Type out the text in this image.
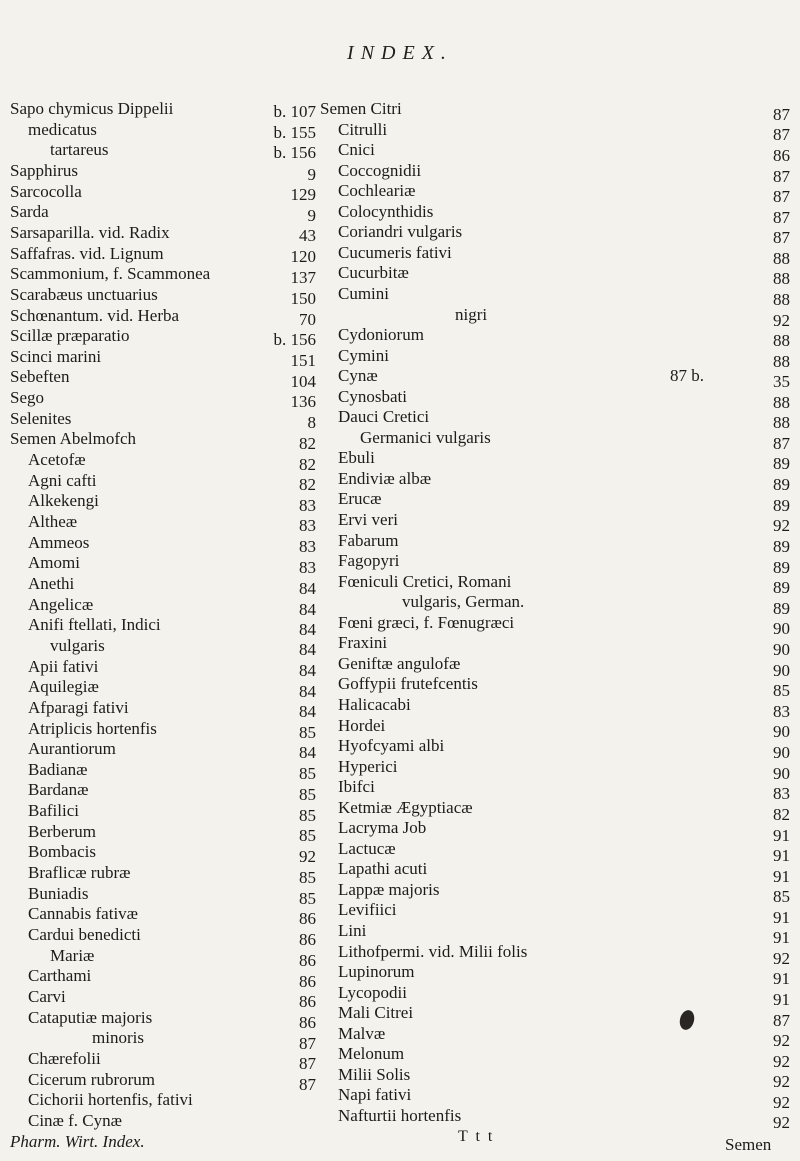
INDEX.
Sapo chymicus Dippelii
medicatus
tartareus
Sapphirus
Sarcocolla
Sarda
Sarsaparilla. vid. Radix
Saffafras. vid. Lignum
Scammonium, f. Scammonea
Scarabæus unctuarius
Schœnantum. vid. Herba
Scillæ præparatio
Scinci marini
Sebeften
Sego
Selenites
Semen Abelmofch
Acetofæ
Agni cafti
Alkekengi
Altheæ
Ammeos
Amomi
Anethi
Angelicæ
Anifi ftellati, Indici
vulgaris
Apii fativi
Aquilegiæ
Afparagi fativi
Atriplicis hortenfis
Aurantiorum
Badianæ
Bardanæ
Bafilici
Berberum
Bombacis
Braflicæ rubræ
Buniadis
Cannabis fativæ
Cardui benedicti
Mariæ
Carthami
Carvi
Cataputiæ majoris
minoris
Chærefolii
Cicerum rubrorum
Cichorii hortenfis, fativi
Cinæ f. Cynæ
Pharm. Wirt. Index.
b. 107
b. 155
b. 156
9
129
9
43
120
137
150
70
b. 156
151
104
136
8
82
82
82
83
83
83
83
84
84
84
84
84
84
84
85
84
85
85
85
85
92
85
85
86
86
86
86
86
86
87
87
87
Semen Citri
Citrulli
Cnici
Coccognidii
Cochleariæ
Colocynthidis
Coriandri vulgaris
Cucumeris fativi
Cucurbitæ
Cumini
nigri
Cydoniorum
Cymini
Cynæ
Cynosbati
Dauci Cretici
Germanici vulgaris
Ebuli
Endiviæ albæ
Erucæ
Ervi veri
Fabarum
Fagopyri
Fœniculi Cretici, Romani
vulgaris, German.
Fœni græci, f. Fœnugræci
Fraxini
Geniftæ angulofæ
Goffypii frutefcentis
Halicacabi
Hordei
Hyofcyami albi
Hyperici
Ibifci
Ketmiæ Ægyptiacæ
Lacryma Job
Lactucæ
Lapathi acuti
Lappæ majoris
Levifiici
Lini
Lithofpermi. vid. Milii folis
Lupinorum
Lycopodii
Mali Citrei
Malvæ
Melonum
Milii Solis
Napi fativi
Nafturtii hortenfis
87 b.
87
87
86
87
87
87
87
88
88
88
92
88
88
35
88
88
87
89
89
89
92
89
89
89
89
90
90
90
85
83
90
90
90
83
82
91
91
91
85
91
91
92
91
91
87
92
92
92
92
92
T t t	Semen
